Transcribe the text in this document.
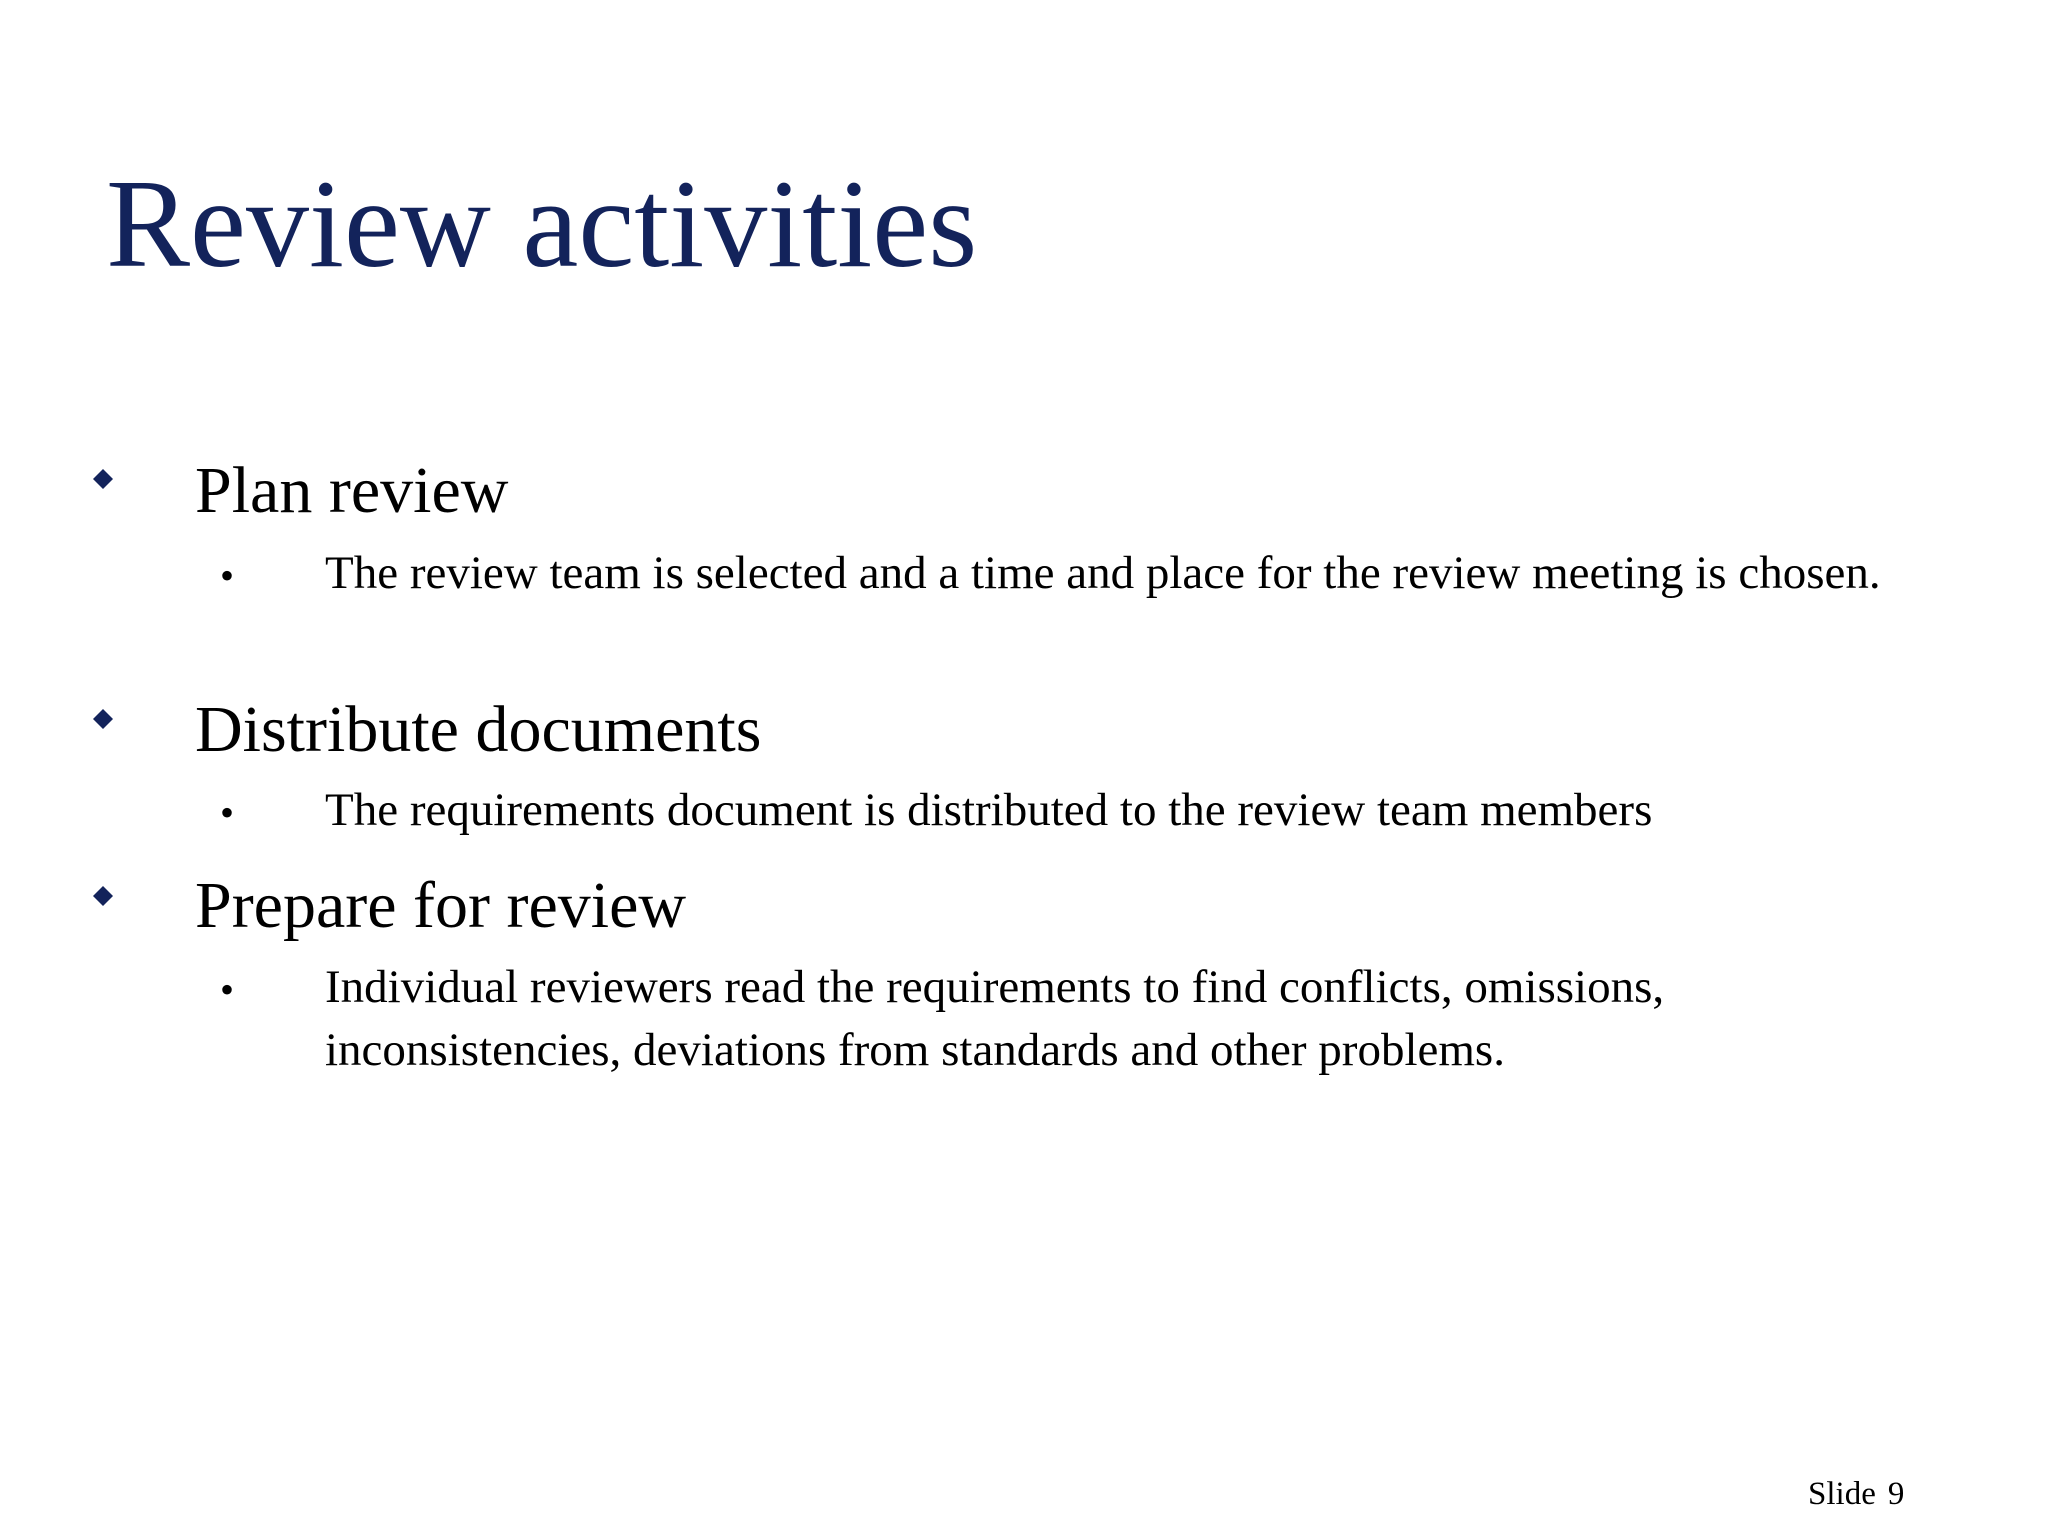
Review activities
Plan review
• The review team is selected and a time and place for the review meeting is chosen.
Distribute documents
• The requirements document is distributed to the review team members
Prepare for review
• Individual reviewers read the requirements to find conflicts, omissions, inconsistencies, deviations from standards and other problems.
Slide 9
